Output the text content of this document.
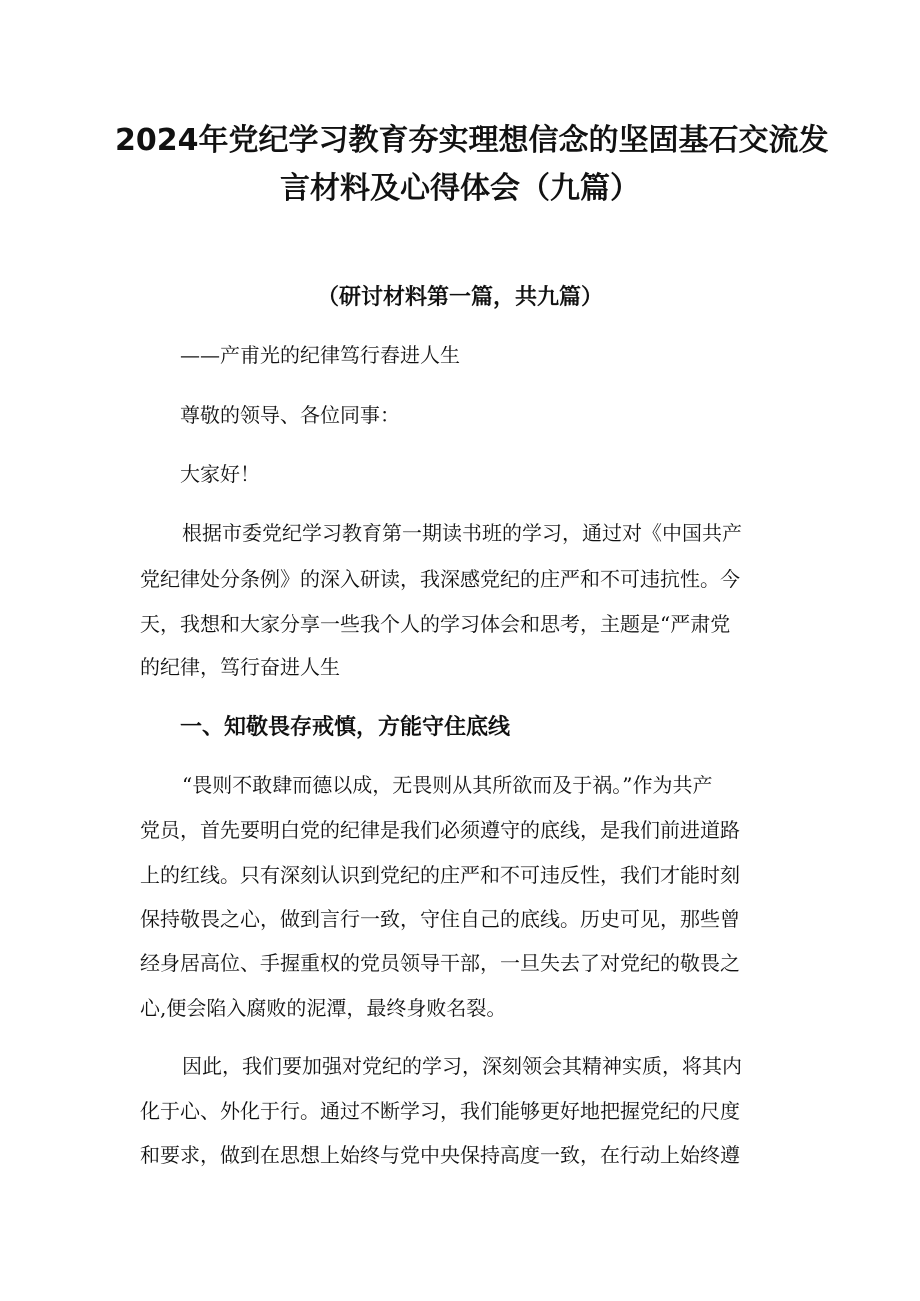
2024年党纪学习教育夯实理想信念的坚固基石交流发
言材料及心得体会（九篇）
（研讨材料第一篇，共九篇）
——产甫光的纪律笃行舂进人生
尊敬的领导、各位同事：
大家好！
根据市委党纪学习教育第一期读书班的学习，通过对《中国共产
党纪律处分条例》的深入研读，我深感党纪的庄严和不可违抗性。今
天，我想和大家分享一些我个人的学习体会和思考，主题是“严肃党
的纪律，笃行奋进人生
一、知敬畏存戒慎，方能守住底线
“畏则不敢肆而德以成，无畏则从其所欲而及于祸。”作为共产
党员，首先要明白党的纪律是我们必须遵守的底线，是我们前进道路
上的红线。只有深刻认识到党纪的庄严和不可违反性，我们才能时刻
保持敬畏之心，做到言行一致，守住自己的底线。历史可见，那些曾
经身居高位、手握重权的党员领导干部，一旦失去了对党纪的敬畏之
心,便会陷入腐败的泥潭，最终身败名裂。
因此，我们要加强对党纪的学习，深刻领会其精神实质，将其内
化于心、外化于行。通过不断学习，我们能够更好地把握党纪的尺度
和要求，做到在思想上始终与党中央保持高度一致，在行动上始终遵
